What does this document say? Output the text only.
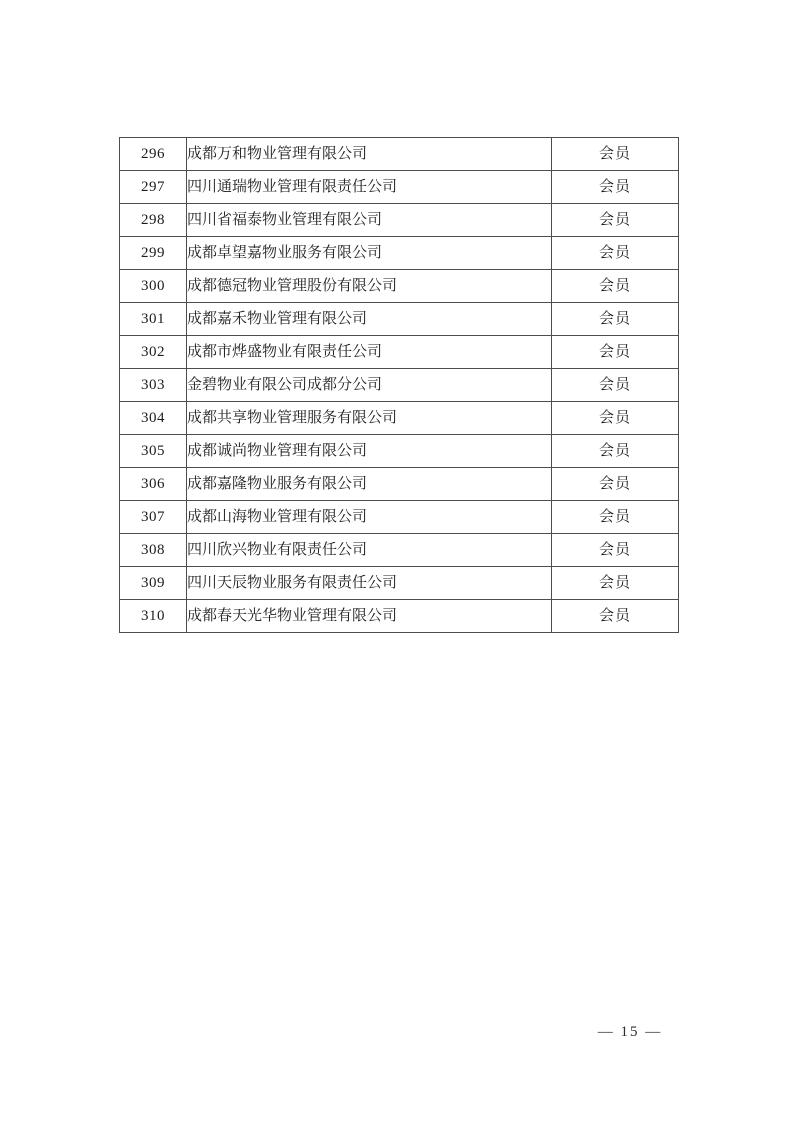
296	成都万和物业管理有限公司	会员
297	四川通瑞物业管理有限责任公司	会员
298	四川省福泰物业管理有限公司	会员
299	成都卓望嘉物业服务有限公司	会员
300	成都德冠物业管理股份有限公司	会员
301	成都嘉禾物业管理有限公司	会员
302	成都市烨盛物业有限责任公司	会员
303	金碧物业有限公司成都分公司	会员
304	成都共享物业管理服务有限公司	会员
305	成都诚尚物业管理有限公司	会员
306	成都嘉隆物业服务有限公司	会员
307	成都山海物业管理有限公司	会员
308	四川欣兴物业有限责任公司	会员
309	四川天辰物业服务有限责任公司	会员
310	成都春天光华物业管理有限公司	会员
— 15 —
